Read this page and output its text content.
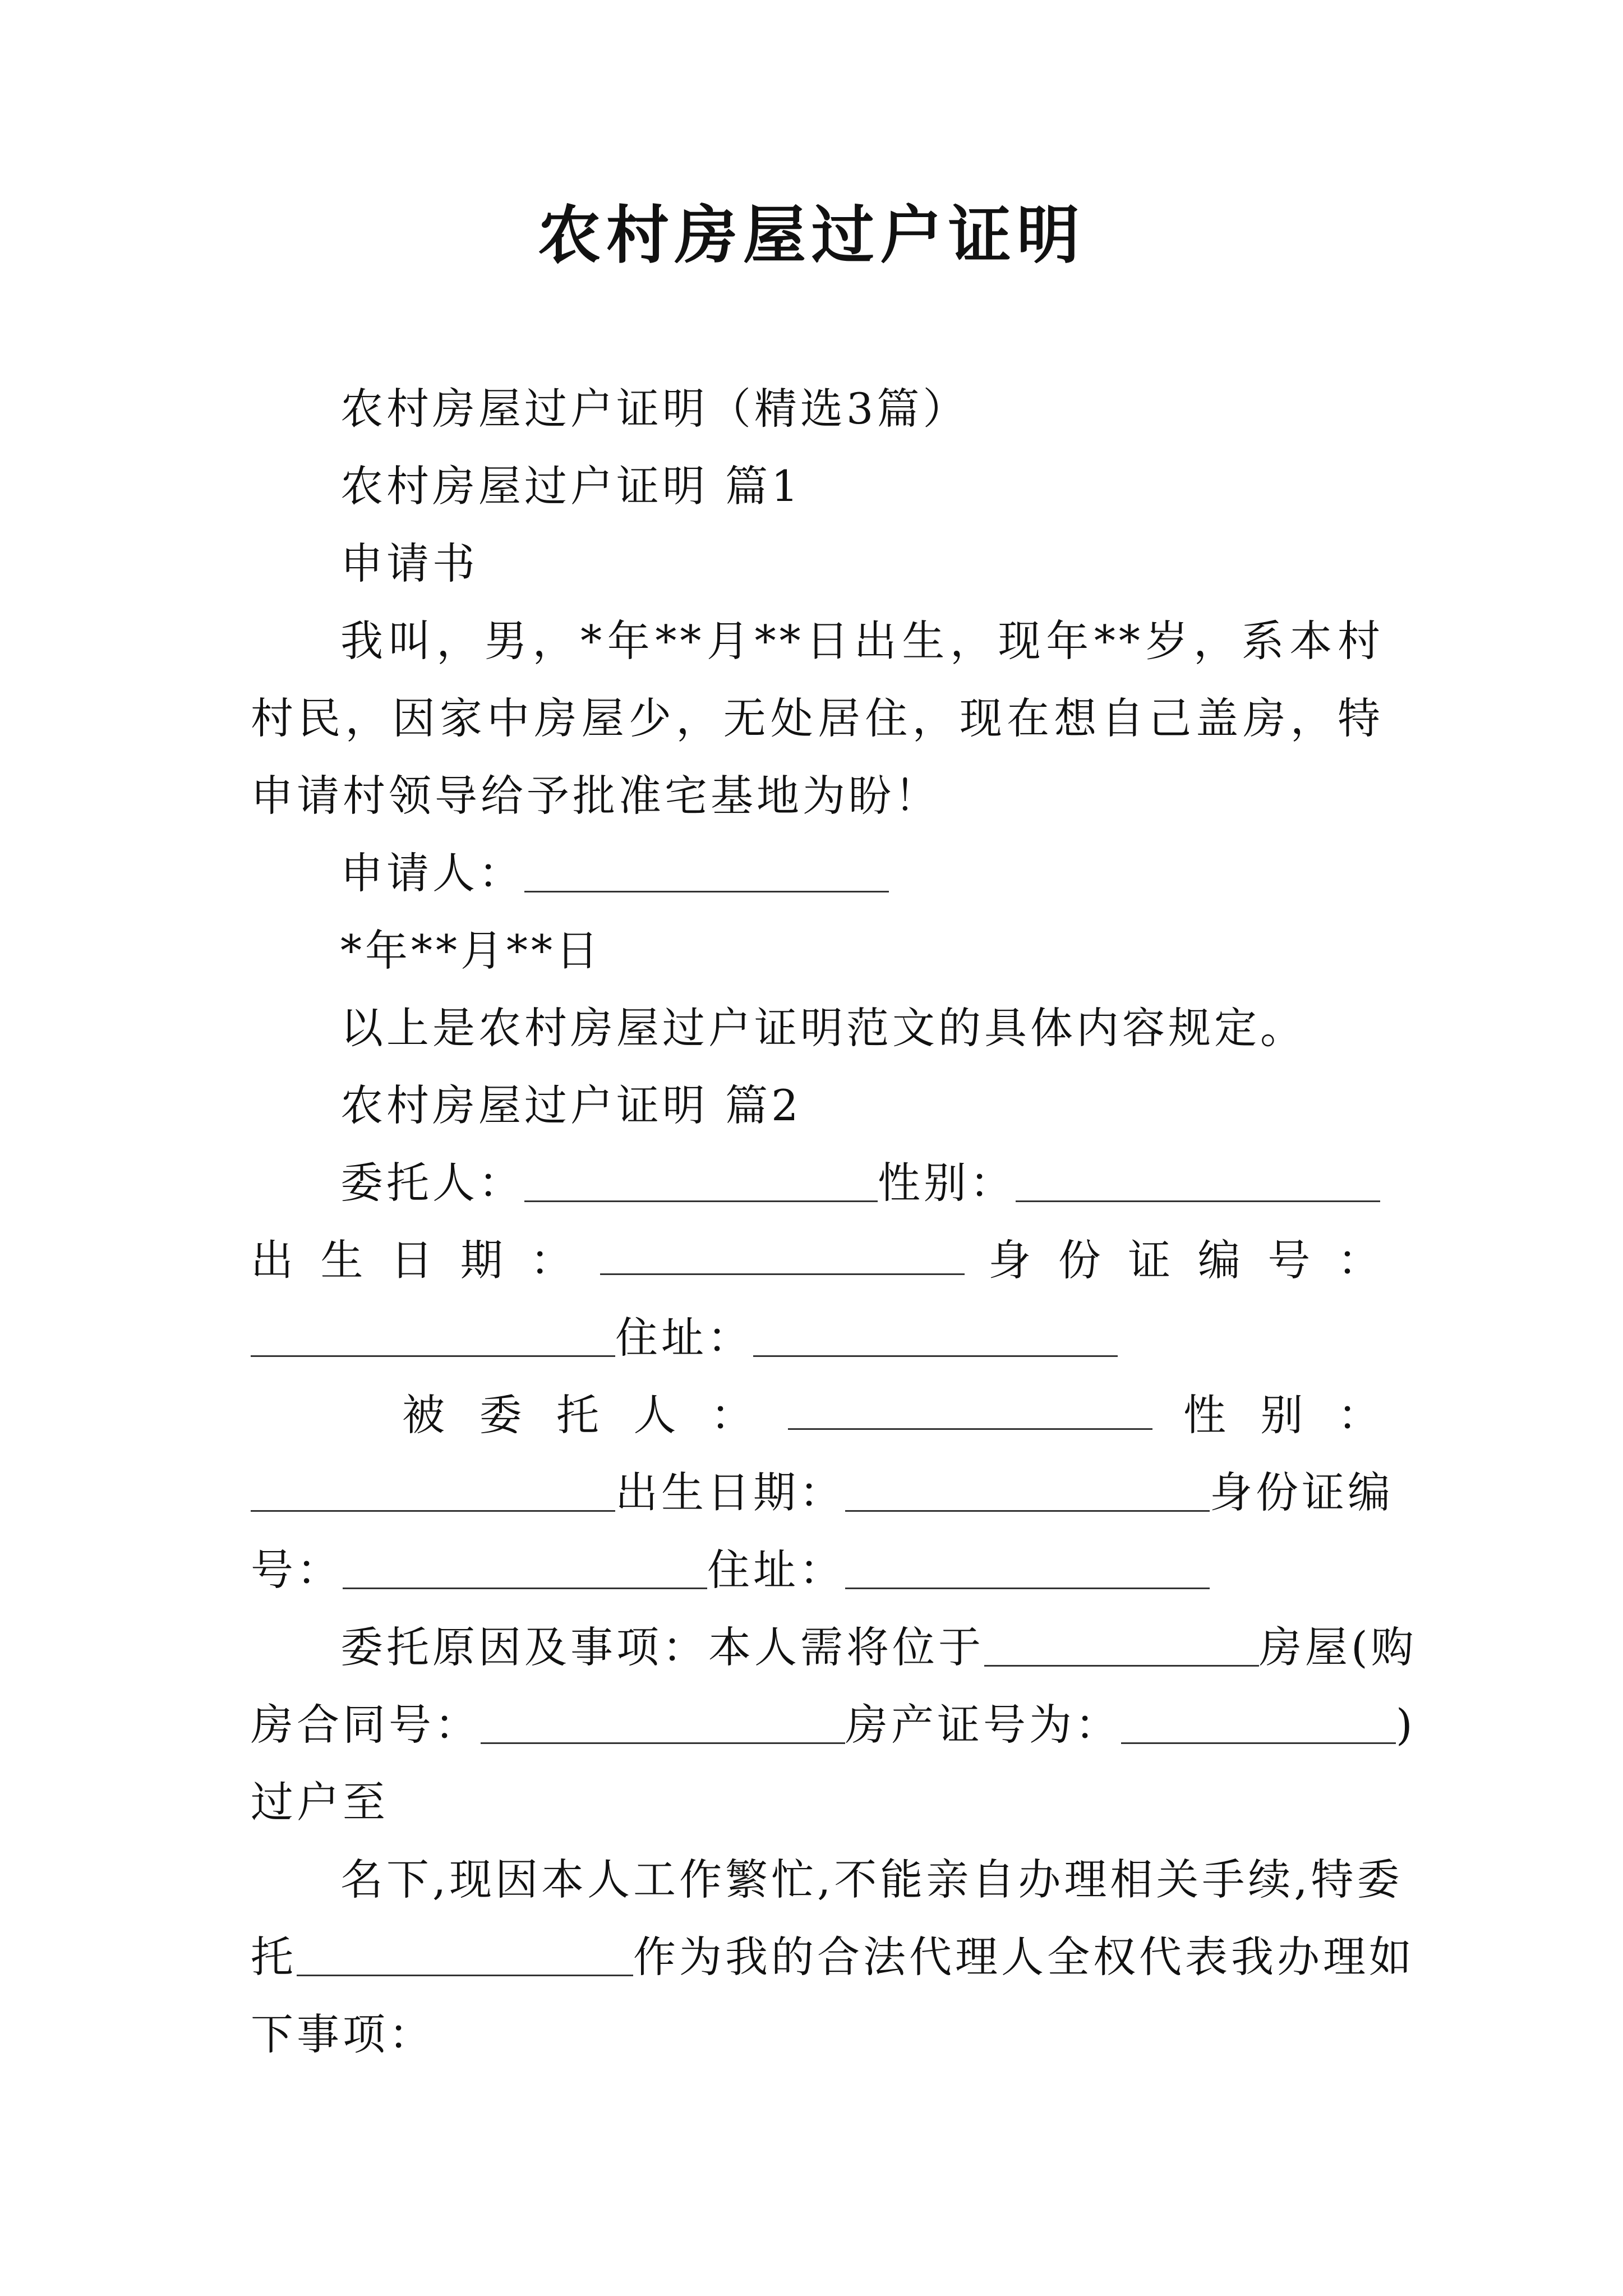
农村房屋过户证明

农村房屋过户证明（精选3篇）

农村房屋过户证明 篇1

申请书

我叫，男，*年**月**日出生，现年**岁，系本村村民，因家中房屋少，无处居住，现在想自己盖房，特申请村领导给予批准宅基地为盼！

申请人：

*年**月**日

以上是农村房屋过户证明范文的具体内容规定。

农村房屋过户证明 篇2

委托人：	性别：

出 生 日 期 ：	身 份 证 编 号 ：

住址：

被 委 托 人 ：	性 别 ：

出生日期：	身份证编

号：	住址：

委托原因及事项：本人需将位于	房屋(购

房合同号：	房产证号为：	)

过户至

名下,现因本人工作繁忙,不能亲自办理相关手续,特委

托	作为我的合法代理人全权代表我办理如

下事项：
